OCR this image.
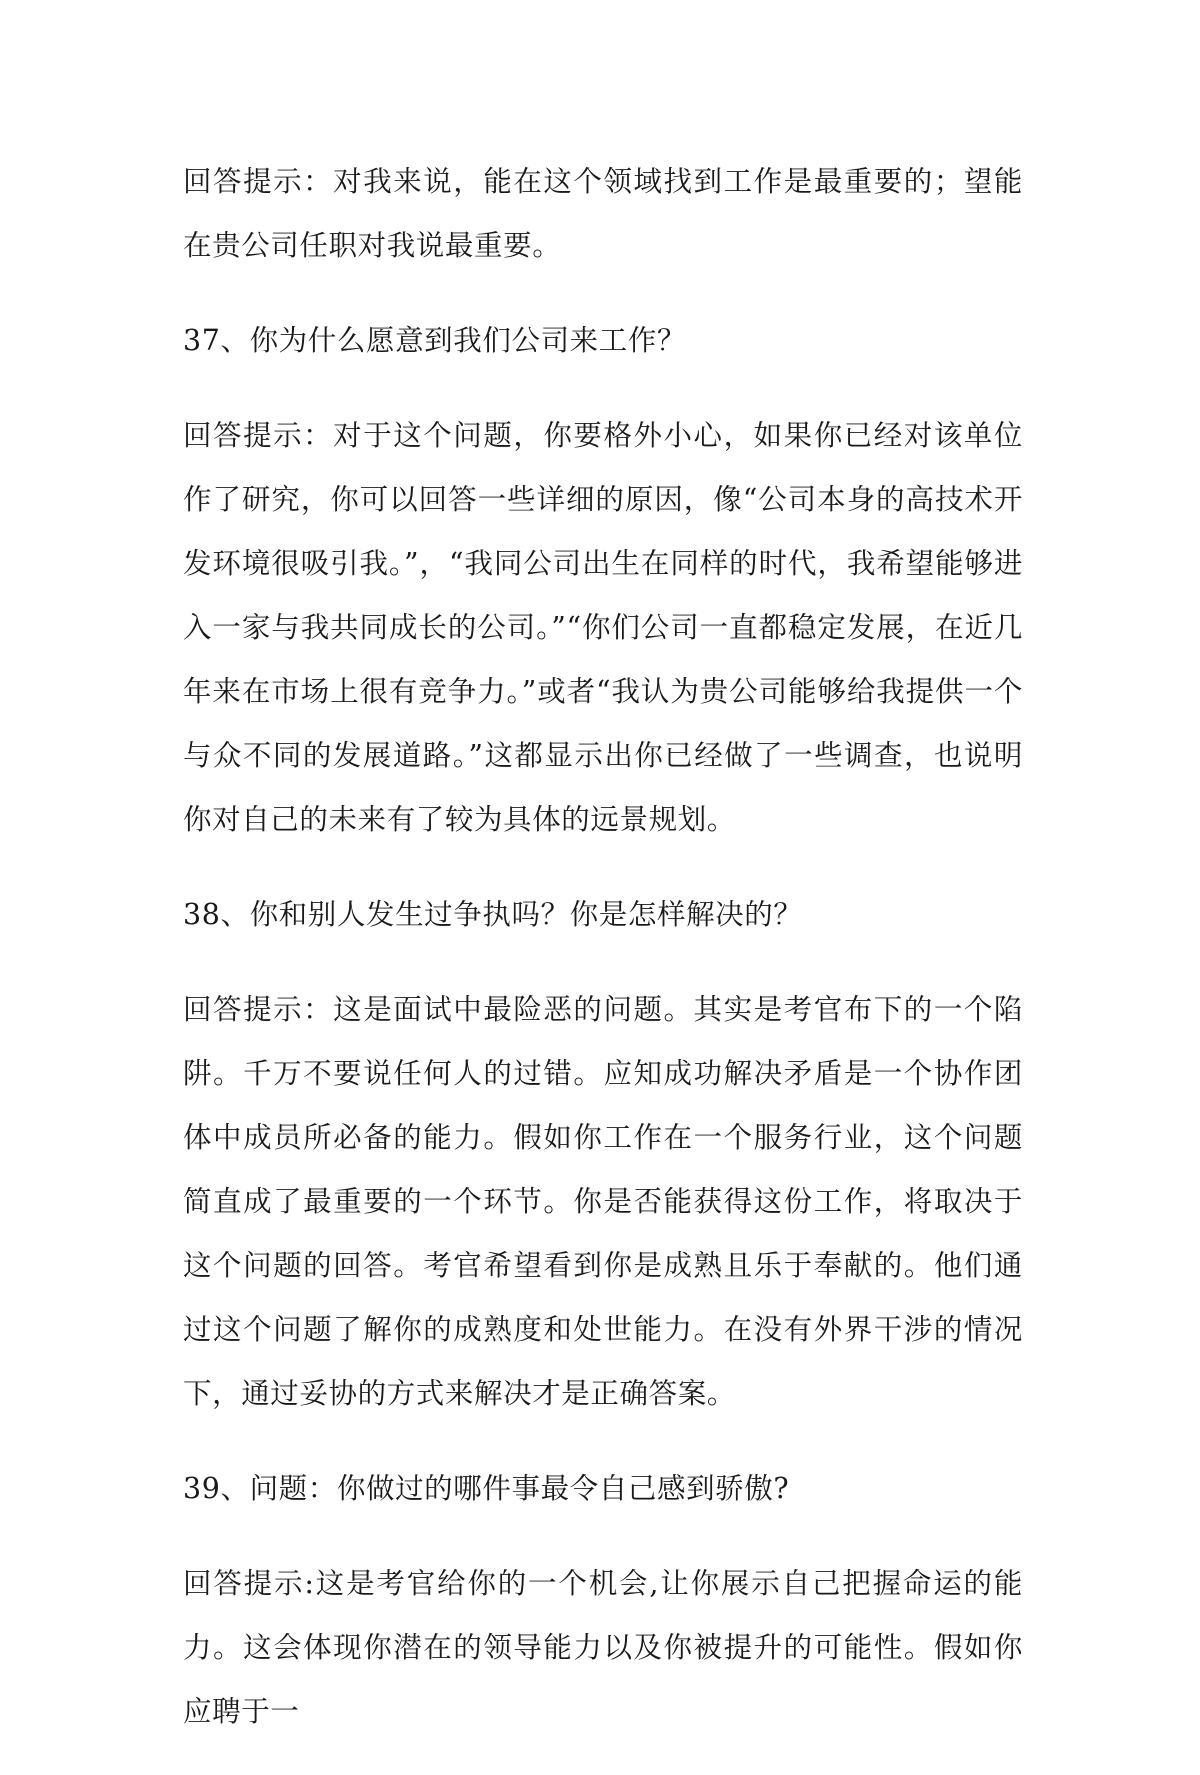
回答提示：对我来说，能在这个领域找到工作是最重要的；望能在贵公司任职对我说最重要。

37、你为什么愿意到我们公司来工作？

回答提示：对于这个问题，你要格外小心，如果你已经对该单位作了研究，你可以回答一些详细的原因，像“公司本身的高技术开发环境很吸引我。”，“我同公司出生在同样的时代，我希望能够进入一家与我共同成长的公司。”“你们公司一直都稳定发展，在近几年来在市场上很有竞争力。”或者“我认为贵公司能够给我提供一个与众不同的发展道路。”这都显示出你已经做了一些调查，也说明你对自己的未来有了较为具体的远景规划。

38、你和别人发生过争执吗？你是怎样解决的？

回答提示：这是面试中最险恶的问题。其实是考官布下的一个陷阱。千万不要说任何人的过错。应知成功解决矛盾是一个协作团体中成员所必备的能力。假如你工作在一个服务行业，这个问题简直成了最重要的一个环节。你是否能获得这份工作，将取决于这个问题的回答。考官希望看到你是成熟且乐于奉献的。他们通过这个问题了解你的成熟度和处世能力。在没有外界干涉的情况下，通过妥协的方式来解决才是正确答案。

39、问题：你做过的哪件事最令自己感到骄傲?

回答提示:这是考官给你的一个机会,让你展示自己把握命运的能力。这会体现你潜在的领导能力以及你被提升的可能性。假如你应聘于一
